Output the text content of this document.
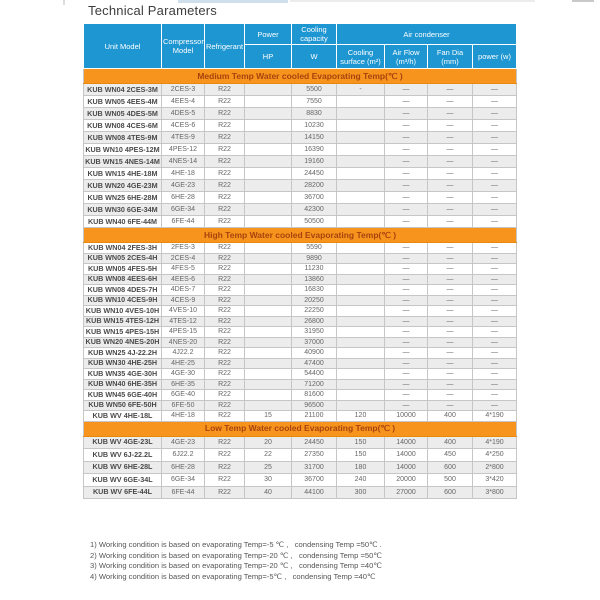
Technical Parameters
Unit Model	Compressor Model	Refrigerant	Power	Cooling capacity	Air condenser			
			HP	W	Cooling surface (m²)	Air Flow (m³/h)	Fan Dia (mm)	power (w)
Medium Temp Water cooled Evaporating Temp(℃ )								
KUB WN04 2CES-3M	2CES-3	R22		5500	-	—	—	—
KUB WN05 4EES-4M	4EES-4	R22		7550		—	—	—
KUB WN05 4DES-5M	4DES-5	R22		8830		—	—	—
KUB WN08 4CES-6M	4CES-6	R22		10230		—	—	—
KUB WN08 4TES-9M	4TES-9	R22		14150		—	—	—
KUB WN10 4PES-12M	4PES-12	R22		16390		—	—	—
KUB WN15 4NES-14M	4NES-14	R22		19160		—	—	—
KUB WN15 4HE-18M	4HE-18	R22		24450		—	—	—
KUB WN20 4GE-23M	4GE-23	R22		28200		—	—	—
KUB WN25 6HE-28M	6HE-28	R22		36700		—	—	—
KUB WN30 6GE-34M	6GE-34	R22		42300		—	—	—
KUB WN40 6FE-44M	6FE-44	R22		50500		—	—	—
High Temp Water cooled Evaporating Temp(℃ )								
KUB WN04 2FES-3H	2FES-3	R22		5590		—	—	—
KUB WN05 2CES-4H	2CES-4	R22		9890		—	—	—
KUB WN05 4FES-5H	4FES-5	R22		11230		—	—	—
KUB WN08 4EES-6H	4EES-6	R22		13860		—	—	—
KUB WN08 4DES-7H	4DES-7	R22		16830		—	—	—
KUB WN10 4CES-9H	4CES-9	R22		20250		—	—	—
KUB WN10 4VES-10H	4VES-10	R22		22250		—	—	—
KUB WN15 4TES-12H	4TES-12	R22		26800		—	—	—
KUB WN15 4PES-15H	4PES-15	R22		31950		—	—	—
KUB WN20 4NES-20H	4NES-20	R22		37000		—	—	—
KUB WN25 4J-22.2H	4J22.2	R22		40900		—	—	—
KUB WN30 4HE-25H	4HE-25	R22		47400		—	—	—
KUB WN35 4GE-30H	4GE-30	R22		54400		—	—	—
KUB WN40 6HE-35H	6HE-35	R22		71200		—	—	—
KUB WN45 6GE-40H	6GE-40	R22		81600		—	—	—
KUB WN50 6FE-50H	6FE-50	R22		96500		—	—	—
KUB WV 4HE-18L	4HE-18	R22	15	21100	120	10000	400	4*190
Low Temp Water cooled Evaporating Temp(℃ )								
KUB WV 4GE-23L	4GE-23	R22	20	24450	150	14000	400	4*190
KUB WV 6J-22.2L	6J22.2	R22	22	27350	150	14000	450	4*250
KUB WV 6HE-28L	6HE-28	R22	25	31700	180	14000	600	2*800
KUB WV 6GE-34L	6GE-34	R22	30	36700	240	20000	500	3*420
KUB WV 6FE-44L	6FE-44	R22	40	44100	300	27000	600	3*800
1) Working condition is based on evaporating Temp=-5 ℃ ,   condensing Temp =50℃ .
2) Working condition is based on evaporating Temp=-20 ℃ ,   condensing Temp =50℃
3) Working condition is based on evaporating Temp=-20 ℃ ,   condensing Temp =40℃
4) Working condition is based on evaporating Temp=-5℃ ,   condensing Temp =40℃
